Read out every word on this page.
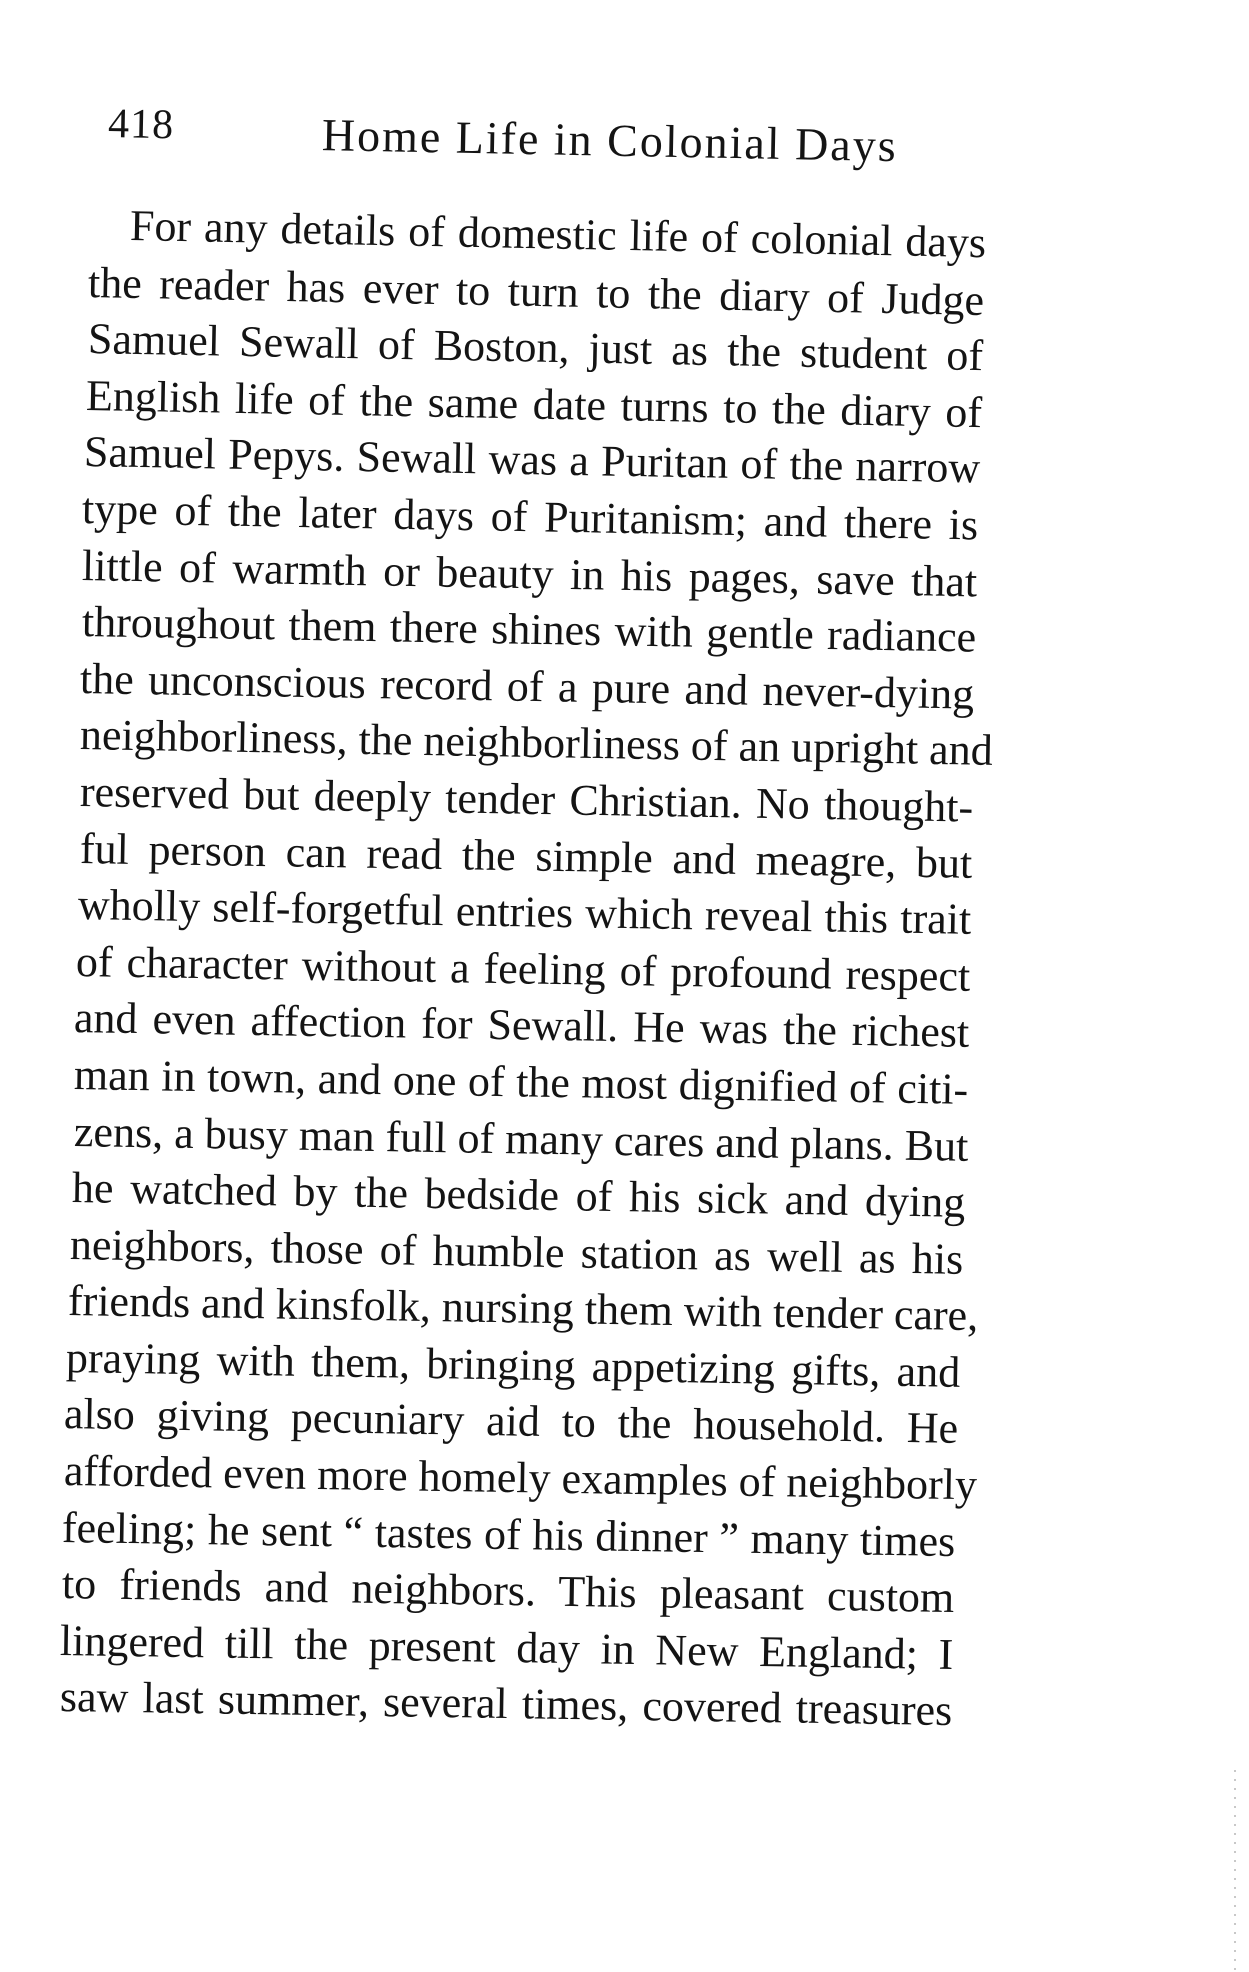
418	Home Life in Colonial Days
For any details of domestic life of colonial days
the reader has ever to turn to the diary of Judge
Samuel Sewall of Boston, just as the student of
English life of the same date turns to the diary of
Samuel Pepys. Sewall was a Puritan of the narrow
type of the later days of Puritanism; and there is
little of warmth or beauty in his pages, save that
throughout them there shines with gentle radiance
the unconscious record of a pure and never-dying
neighborliness, the neighborliness of an upright and
reserved but deeply tender Christian. No thought-
ful person can read the simple and meagre, but
wholly self-forgetful entries which reveal this trait
of character without a feeling of profound respect
and even affection for Sewall. He was the richest
man in town, and one of the most dignified of citi-
zens, a busy man full of many cares and plans. But
he watched by the bedside of his sick and dying
neighbors, those of humble station as well as his
friends and kinsfolk, nursing them with tender care,
praying with them, bringing appetizing gifts, and
also giving pecuniary aid to the household. He
afforded even more homely examples of neighborly
feeling; he sent “ tastes of his dinner ” many times
to friends and neighbors. This pleasant custom
lingered till the present day in New England; I
saw last summer, several times, covered treasures
